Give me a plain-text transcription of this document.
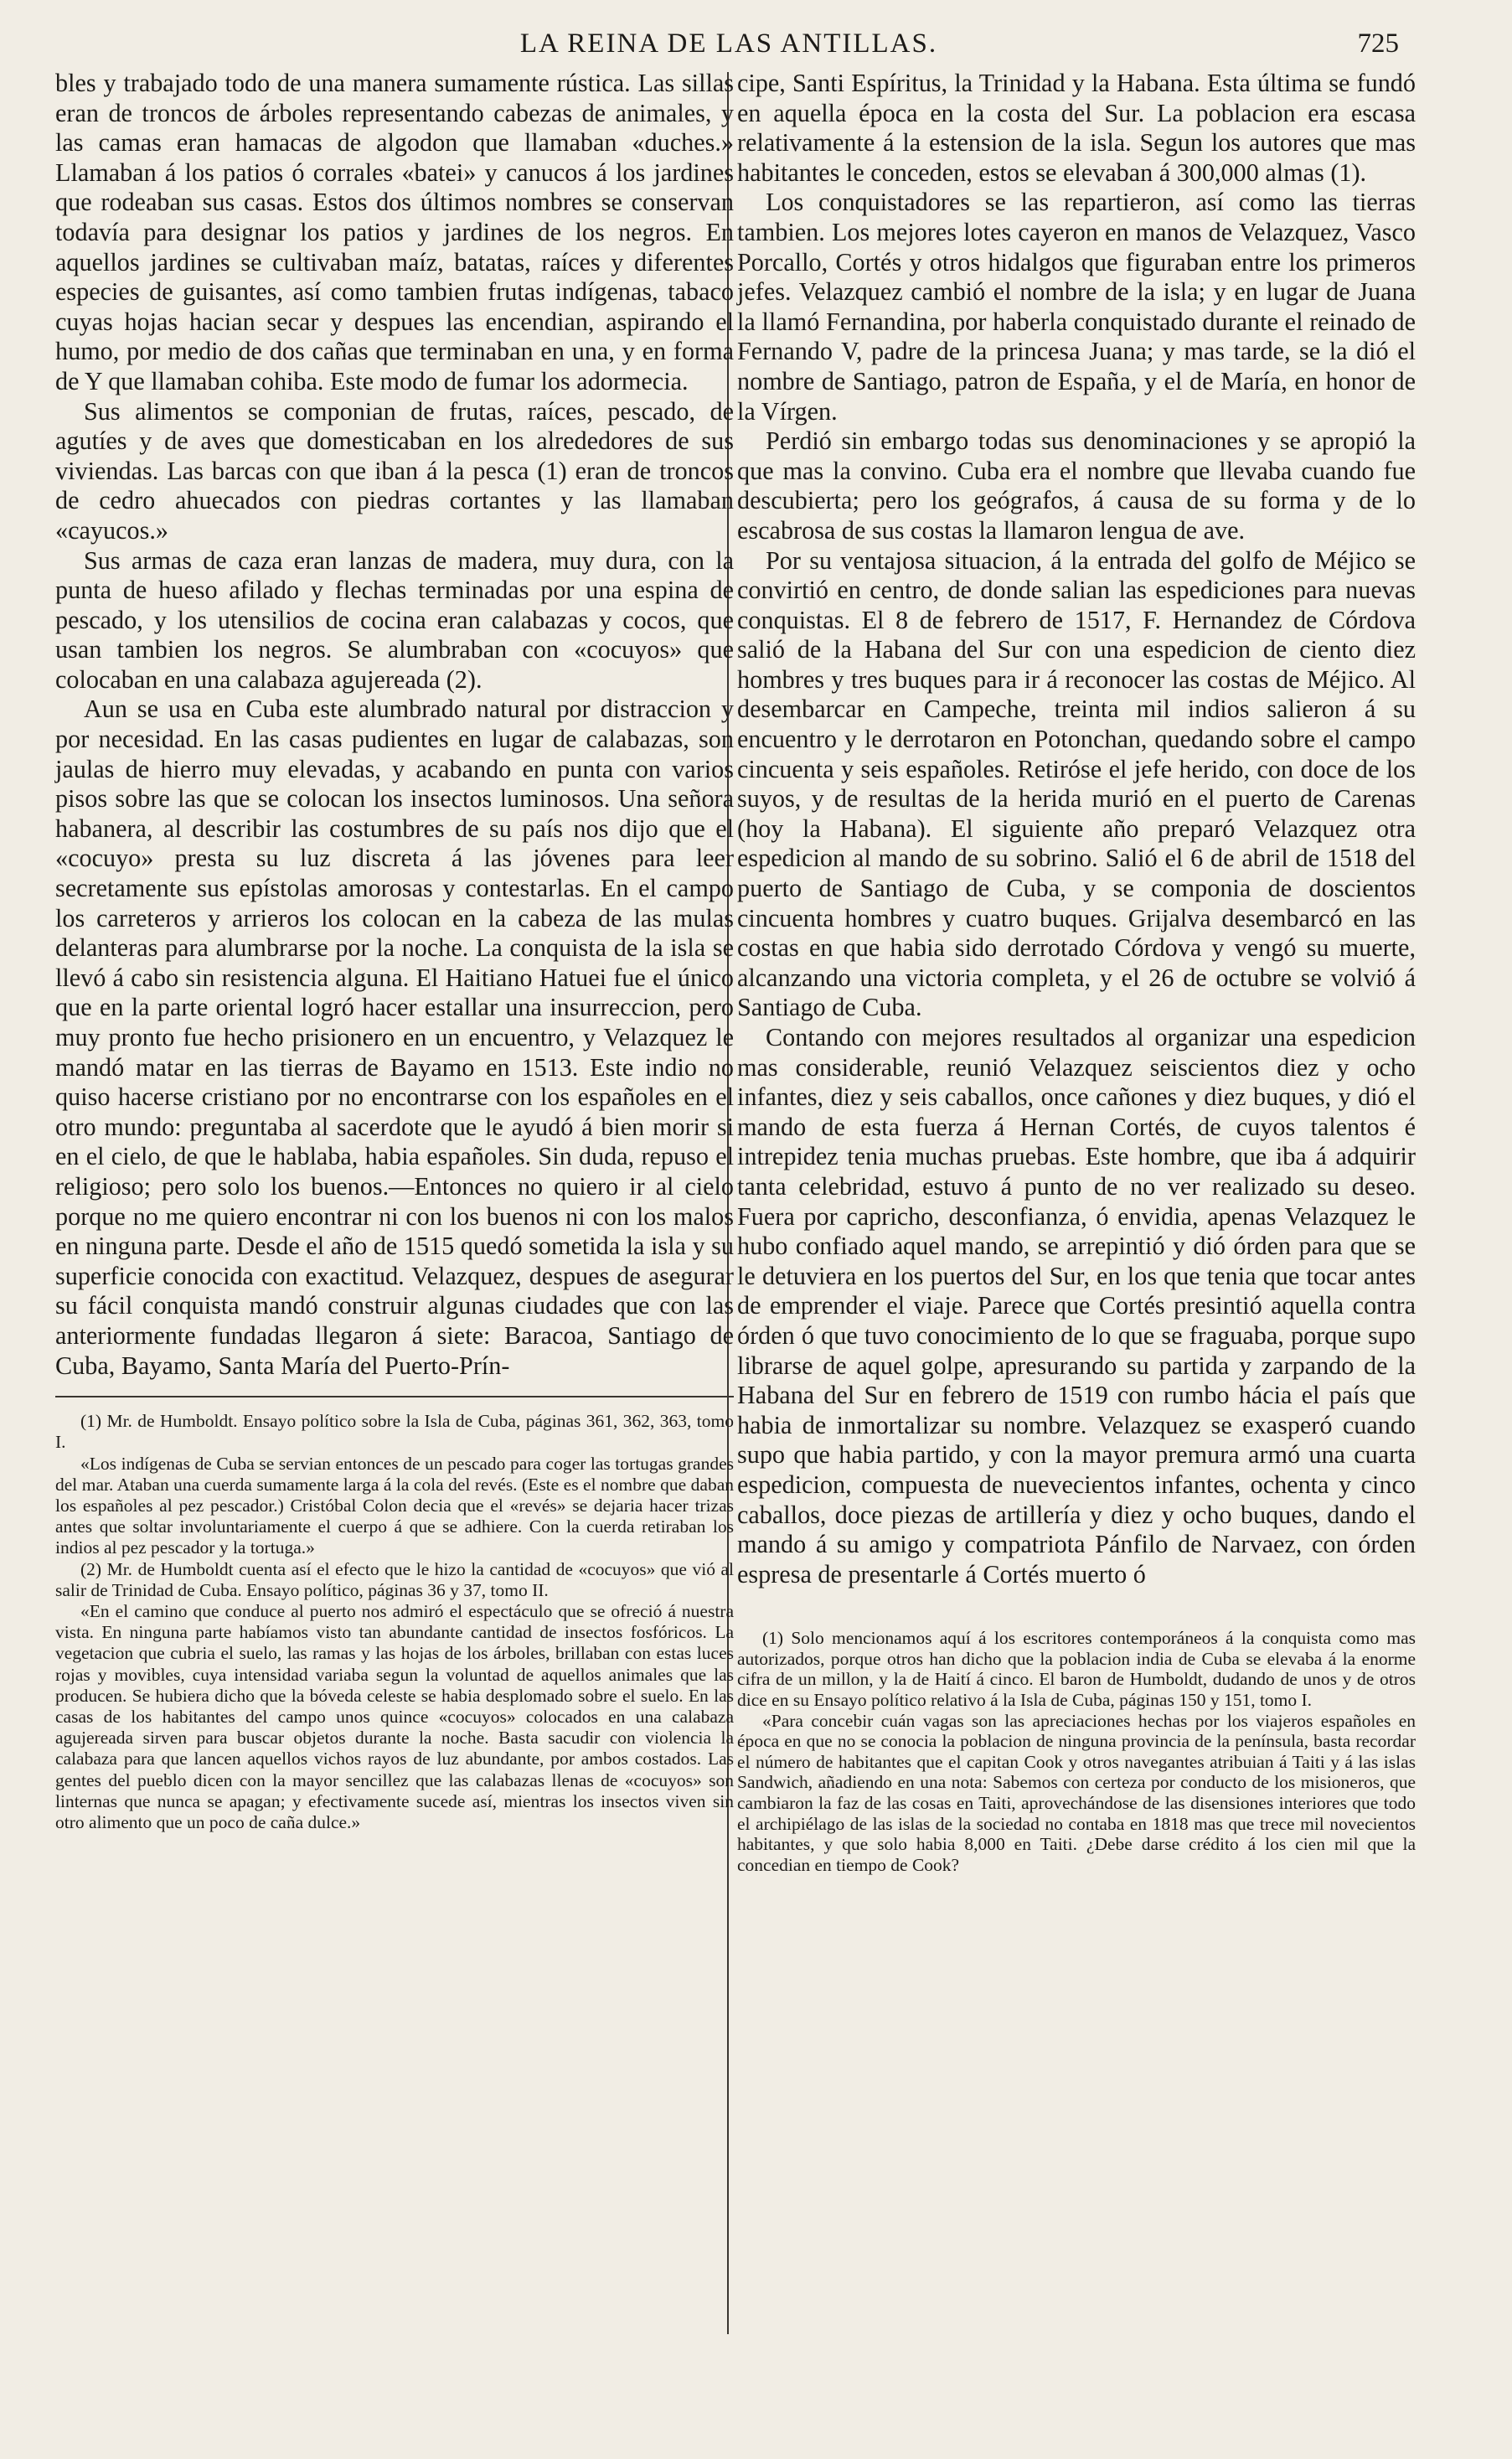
LA REINA DE LAS ANTILLAS.	725

bles y trabajado todo de una manera sumamente rústica. Las sillas eran de troncos de árboles representando cabezas de animales, y las camas eran hamacas de algodon que llamaban «duches.» Llamaban á los patios ó corrales «batei» y canucos á los jardines que rodeaban sus casas. Estos dos últimos nombres se conservan todavía para designar los patios y jardines de los negros. En aquellos jardines se cultivaban maíz, batatas, raíces y diferentes especies de guisantes, así como tambien frutas indígenas, tabaco cuyas hojas hacian secar y despues las encendian, aspirando el humo, por medio de dos cañas que terminaban en una, y en forma de Y que llamaban cohiba. Este modo de fumar los adormecia.

Sus alimentos se componian de frutas, raíces, pescado, de agutíes y de aves que domesticaban en los alrededores de sus viviendas. Las barcas con que iban á la pesca (1) eran de troncos de cedro ahuecados con piedras cortantes y las llamaban «cayucos.»

Sus armas de caza eran lanzas de madera, muy dura, con la punta de hueso afilado y flechas terminadas por una espina de pescado, y los utensilios de cocina eran calabazas y cocos, que usan tambien los negros. Se alumbraban con «cocuyos» que colocaban en una calabaza agujereada (2).

Aun se usa en Cuba este alumbrado natural por distraccion y por necesidad. En las casas pudientes en lugar de calabazas, son jaulas de hierro muy elevadas, y acabando en punta con varios pisos sobre las que se colocan los insectos luminosos. Una señora habanera, al describir las costumbres de su país nos dijo que el «cocuyo» presta su luz discreta á las jóvenes para leer secretamente sus epístolas amorosas y contestarlas. En el campo los carreteros y arrieros los colocan en la cabeza de las mulas delanteras para alumbrarse por la noche. La conquista de la isla se llevó á cabo sin resistencia alguna. El Haitiano Hatuei fue el único que en la parte oriental logró hacer estallar una insurreccion, pero muy pronto fue hecho prisionero en un encuentro, y Velazquez le mandó matar en las tierras de Bayamo en 1513. Este indio no quiso hacerse cristiano por no encontrarse con los españoles en el otro mundo: preguntaba al sacerdote que le ayudó á bien morir si en el cielo, de que le hablaba, habia españoles. Sin duda, repuso el religioso; pero solo los buenos.—Entonces no quiero ir al cielo porque no me quiero encontrar ni con los buenos ni con los malos en ninguna parte. Desde el año de 1515 quedó sometida la isla y su superficie conocida con exactitud. Velazquez, despues de asegurar su fácil conquista mandó construir algunas ciudades que con las anteriormente fundadas llegaron á siete: Baracoa, Santiago de Cuba, Bayamo, Santa María del Puerto-Prín-

(1) Mr. de Humboldt. Ensayo político sobre la Isla de Cuba, páginas 361, 362, 363, tomo I.

«Los indígenas de Cuba se servian entonces de un pescado para coger las tortugas grandes del mar. Ataban una cuerda sumamente larga á la cola del revés. (Este es el nombre que daban los españoles al pez pescador.) Cristóbal Colon decia que el «revés» se dejaria hacer trizas antes que soltar involuntariamente el cuerpo á que se adhiere. Con la cuerda retiraban los indios al pez pescador y la tortuga.»

(2) Mr. de Humboldt cuenta así el efecto que le hizo la cantidad de «cocuyos» que vió al salir de Trinidad de Cuba. Ensayo político, páginas 36 y 37, tomo II.

«En el camino que conduce al puerto nos admiró el espectáculo que se ofreció á nuestra vista. En ninguna parte habíamos visto tan abundante cantidad de insectos fosfóricos. La vegetacion que cubria el suelo, las ramas y las hojas de los árboles, brillaban con estas luces rojas y movibles, cuya intensidad variaba segun la voluntad de aquellos animales que las producen. Se hubiera dicho que la bóveda celeste se habia desplomado sobre el suelo. En las casas de los habitantes del campo unos quince «cocuyos» colocados en una calabaza agujereada sirven para buscar objetos durante la noche. Basta sacudir con violencia la calabaza para que lancen aquellos vichos rayos de luz abundante, por ambos costados. Las gentes del pueblo dicen con la mayor sencillez que las calabazas llenas de «cocuyos» son linternas que nunca se apagan; y efectivamente sucede así, mientras los insectos viven sin otro alimento que un poco de caña dulce.»

cipe, Santi Espíritus, la Trinidad y la Habana. Esta última se fundó en aquella época en la costa del Sur. La poblacion era escasa relativamente á la estension de la isla. Segun los autores que mas habitantes le conceden, estos se elevaban á 300,000 almas (1).

Los conquistadores se las repartieron, así como las tierras tambien. Los mejores lotes cayeron en manos de Velazquez, Vasco Porcallo, Cortés y otros hidalgos que figuraban entre los primeros jefes. Velazquez cambió el nombre de la isla; y en lugar de Juana la llamó Fernandina, por haberla conquistado durante el reinado de Fernando V, padre de la princesa Juana; y mas tarde, se la dió el nombre de Santiago, patron de España, y el de María, en honor de la Vírgen.

Perdió sin embargo todas sus denominaciones y se apropió la que mas la convino. Cuba era el nombre que llevaba cuando fue descubierta; pero los geógrafos, á causa de su forma y de lo escabrosa de sus costas la llamaron lengua de ave.

Por su ventajosa situacion, á la entrada del golfo de Méjico se convirtió en centro, de donde salian las espediciones para nuevas conquistas. El 8 de febrero de 1517, F. Hernandez de Córdova salió de la Habana del Sur con una espedicion de ciento diez hombres y tres buques para ir á reconocer las costas de Méjico. Al desembarcar en Campeche, treinta mil indios salieron á su encuentro y le derrotaron en Potonchan, quedando sobre el campo cincuenta y seis españoles. Retiróse el jefe herido, con doce de los suyos, y de resultas de la herida murió en el puerto de Carenas (hoy la Habana). El siguiente año preparó Velazquez otra espedicion al mando de su sobrino. Salió el 6 de abril de 1518 del puerto de Santiago de Cuba, y se componia de doscientos cincuenta hombres y cuatro buques. Grijalva desembarcó en las costas en que habia sido derrotado Córdova y vengó su muerte, alcanzando una victoria completa, y el 26 de octubre se volvió á Santiago de Cuba.

Contando con mejores resultados al organizar una espedicion mas considerable, reunió Velazquez seiscientos diez y ocho infantes, diez y seis caballos, once cañones y diez buques, y dió el mando de esta fuerza á Hernan Cortés, de cuyos talentos é intrepidez tenia muchas pruebas. Este hombre, que iba á adquirir tanta celebridad, estuvo á punto de no ver realizado su deseo. Fuera por capricho, desconfianza, ó envidia, apenas Velazquez le hubo confiado aquel mando, se arrepintió y dió órden para que se le detuviera en los puertos del Sur, en los que tenia que tocar antes de emprender el viaje. Parece que Cortés presintió aquella contra órden ó que tuvo conocimiento de lo que se fraguaba, porque supo librarse de aquel golpe, apresurando su partida y zarpando de la Habana del Sur en febrero de 1519 con rumbo hácia el país que habia de inmortalizar su nombre. Velazquez se exasperó cuando supo que habia partido, y con la mayor premura armó una cuarta espedicion, compuesta de nuevecientos infantes, ochenta y cinco caballos, doce piezas de artillería y diez y ocho buques, dando el mando á su amigo y compatriota Pánfilo de Narvaez, con órden espresa de presentarle á Cortés muerto ó

(1) Solo mencionamos aquí á los escritores contemporáneos á la conquista como mas autorizados, porque otros han dicho que la poblacion india de Cuba se elevaba á la enorme cifra de un millon, y la de Haití á cinco. El baron de Humboldt, dudando de unos y de otros dice en su Ensayo político relativo á la Isla de Cuba, páginas 150 y 151, tomo I.

«Para concebir cuán vagas son las apreciaciones hechas por los viajeros españoles en época en que no se conocia la poblacion de ninguna provincia de la península, basta recordar el número de habitantes que el capitan Cook y otros navegantes atribuian á Taiti y á las islas Sandwich, añadiendo en una nota: Sabemos con certeza por conducto de los misioneros, que cambiaron la faz de las cosas en Taiti, aprovechándose de las disensiones interiores que todo el archipiélago de las islas de la sociedad no contaba en 1818 mas que trece mil novecientos habitantes, y que solo habia 8,000 en Taiti. ¿Debe darse crédito á los cien mil que la concedian en tiempo de Cook?
